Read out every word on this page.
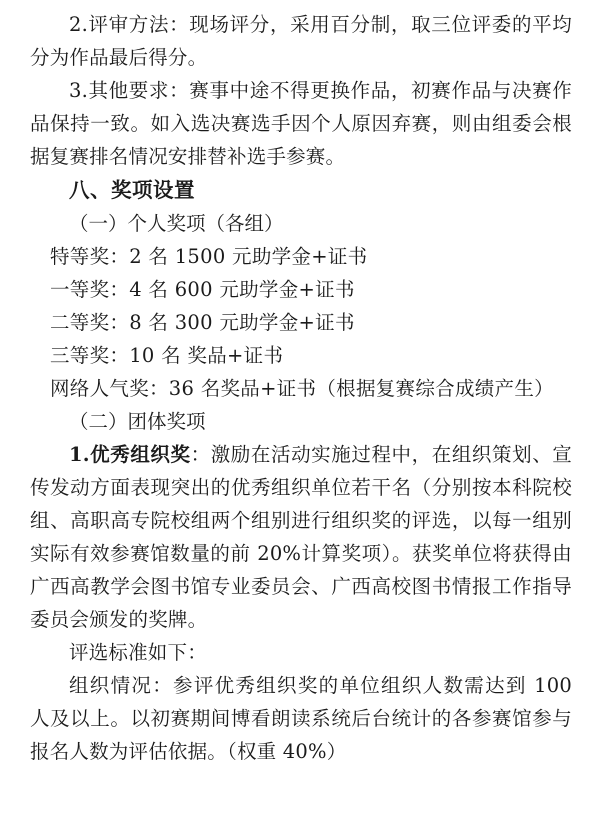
2.评审方法：现场评分，采用百分制，取三位评委的平均分为作品最后得分。

3.其他要求：赛事中途不得更换作品，初赛作品与决赛作品保持一致。如入选决赛选手因个人原因弃赛，则由组委会根据复赛排名情况安排替补选手参赛。

八、奖项设置

（一）个人奖项（各组）

特等奖：2 名 1500 元助学金+证书

一等奖：4 名 600 元助学金+证书

二等奖：8 名 300 元助学金+证书

三等奖：10 名 奖品+证书

网络人气奖：36 名奖品+证书（根据复赛综合成绩产生）

（二）团体奖项

1.优秀组织奖：激励在活动实施过程中，在组织策划、宣传发动方面表现突出的优秀组织单位若干名（分别按本科院校组、高职高专院校组两个组别进行组织奖的评选，以每一组别实际有效参赛馆数量的前 20%计算奖项）。获奖单位将获得由广西高教学会图书馆专业委员会、广西高校图书情报工作指导委员会颁发的奖牌。

评选标准如下：

组织情况：参评优秀组织奖的单位组织人数需达到 100 人及以上。以初赛期间博看朗读系统后台统计的各参赛馆参与报名人数为评估依据。（权重 40%）
